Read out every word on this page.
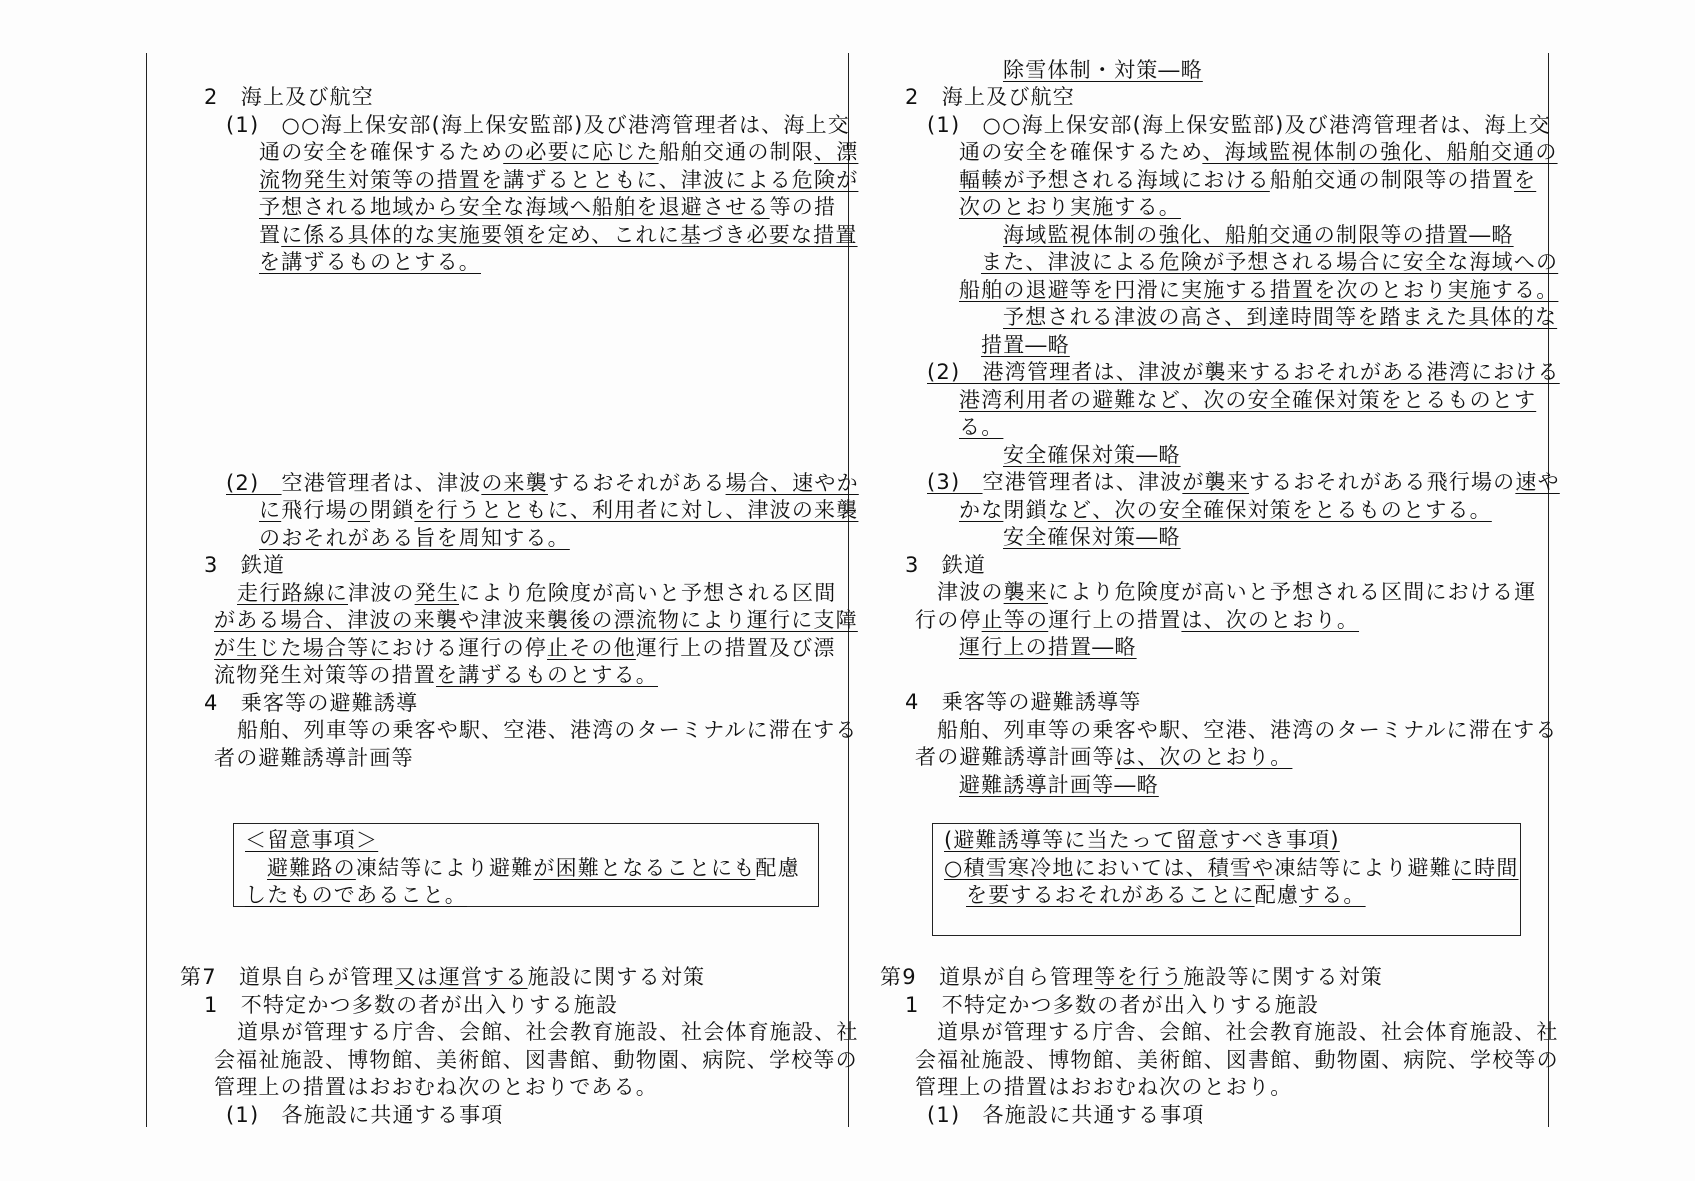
2　海上及び航空
(1)　○○海上保安部(海上保安監部)及び港湾管理者は、海上交
通の安全を確保するための必要に応じた船舶交通の制限、漂
流物発生対策等の措置を講ずるとともに、津波による危険が
予想される地域から安全な海域へ船舶を退避させる等の措
置に係る具体的な実施要領を定め、これに基づき必要な措置
を講ずるものとする。
(2)　空港管理者は、津波の来襲するおそれがある場合、速やか
に飛行場の閉鎖を行うとともに、利用者に対し、津波の来襲
のおそれがある旨を周知する。
3　鉄道
走行路線に津波の発生により危険度が高いと予想される区間
がある場合、津波の来襲や津波来襲後の漂流物により運行に支障
が生じた場合等における運行の停止その他運行上の措置及び漂
流物発生対策等の措置を講ずるものとする。
4　乗客等の避難誘導
船舶、列車等の乗客や駅、空港、港湾のターミナルに滞在する
者の避難誘導計画等
＜留意事項＞
避難路の凍結等により避難が困難となることにも配慮
したものであること。
第7　道県自らが管理又は運営する施設に関する対策
1　不特定かつ多数の者が出入りする施設
道県が管理する庁舎、会館、社会教育施設、社会体育施設、社
会福祉施設、博物館、美術館、図書館、動物園、病院、学校等の
管理上の措置はおおむね次のとおりである。
(1)　各施設に共通する事項
除雪体制・対策―略
2　海上及び航空
(1)　○○海上保安部(海上保安監部)及び港湾管理者は、海上交
通の安全を確保するため、海域監視体制の強化、船舶交通の
輻輳が予想される海域における船舶交通の制限等の措置を
次のとおり実施する。
海域監視体制の強化、船舶交通の制限等の措置―略
また、津波による危険が予想される場合に安全な海域への
船舶の退避等を円滑に実施する措置を次のとおり実施する。
予想される津波の高さ、到達時間等を踏まえた具体的な
措置―略
(2)　港湾管理者は、津波が襲来するおそれがある港湾における
港湾利用者の避難など、次の安全確保対策をとるものとす
る。
安全確保対策―略
(3)　空港管理者は、津波が襲来するおそれがある飛行場の速や
かな閉鎖など、次の安全確保対策をとるものとする。
安全確保対策―略
3　鉄道
津波の襲来により危険度が高いと予想される区間における運
行の停止等の運行上の措置は、次のとおり。
運行上の措置―略
4　乗客等の避難誘導等
船舶、列車等の乗客や駅、空港、港湾のターミナルに滞在する
者の避難誘導計画等は、次のとおり。
避難誘導計画等―略
(避難誘導等に当たって留意すべき事項)
○積雪寒冷地においては、積雪や凍結等により避難に時間
を要するおそれがあることに配慮する。
第9　道県が自ら管理等を行う施設等に関する対策
1　不特定かつ多数の者が出入りする施設
道県が管理する庁舎、会館、社会教育施設、社会体育施設、社
会福祉施設、博物館、美術館、図書館、動物園、病院、学校等の
管理上の措置はおおむね次のとおり。
(1)　各施設に共通する事項
